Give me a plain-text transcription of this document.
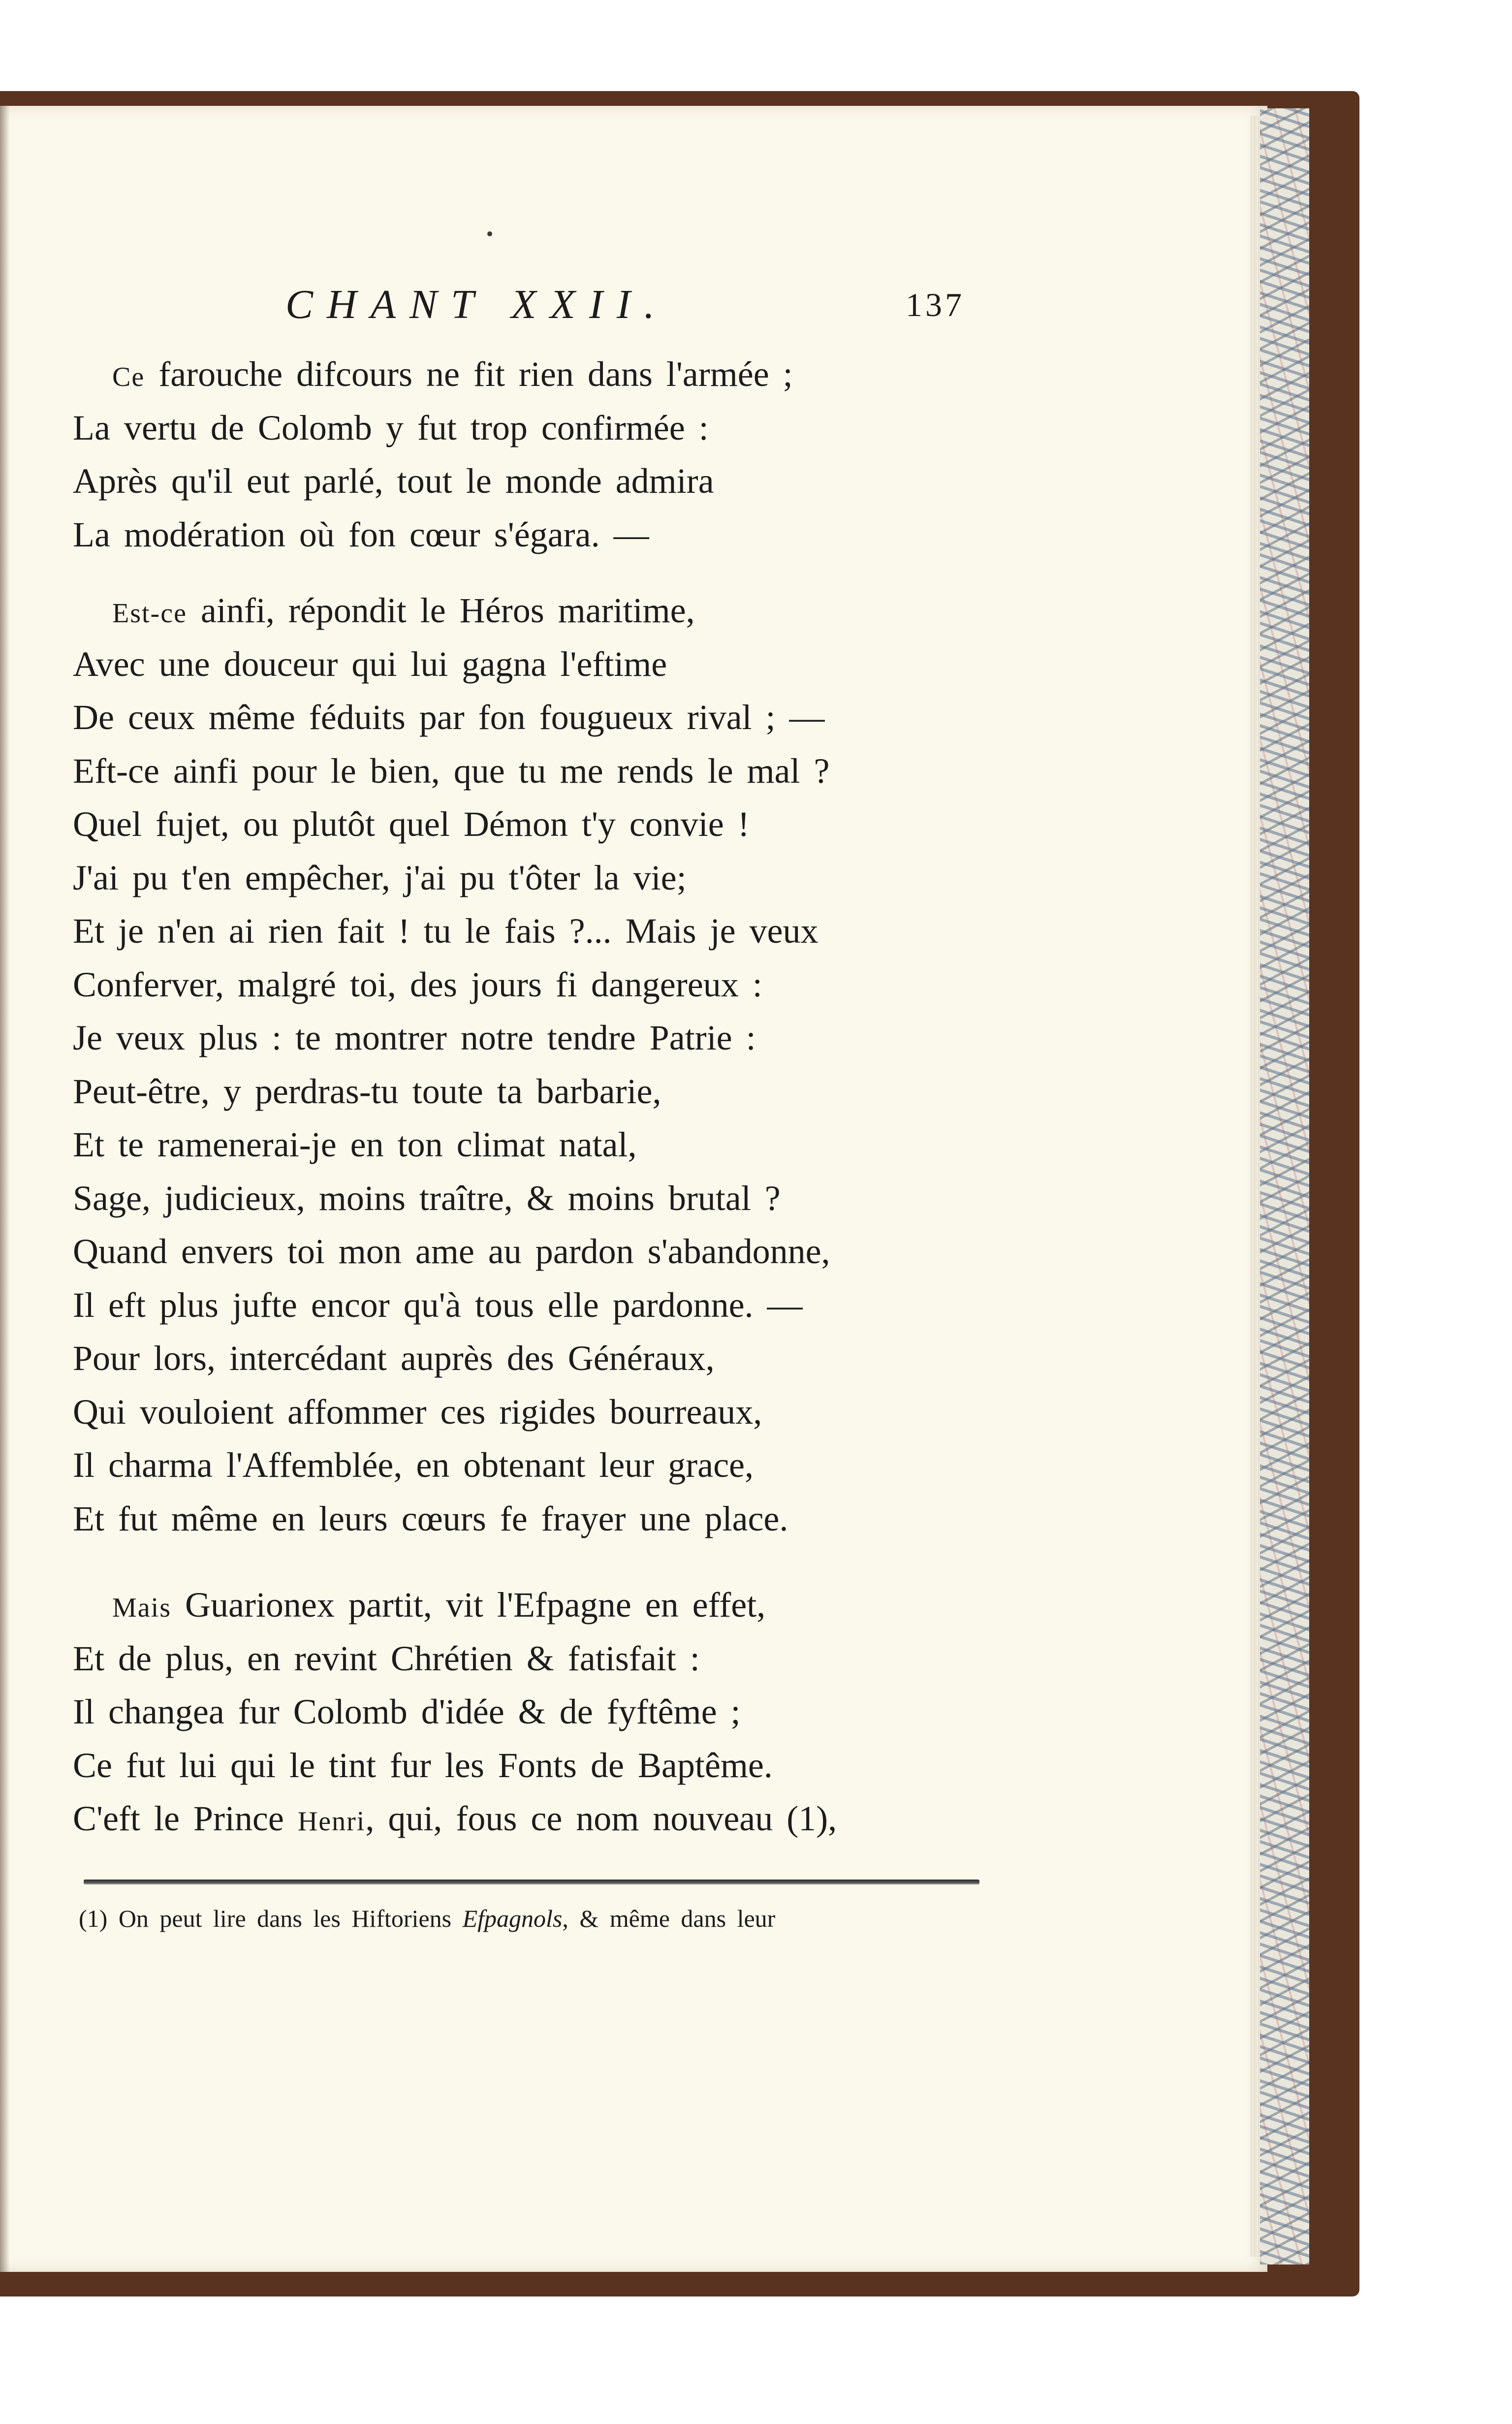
CHANT XXII.	137
Ce farouche difcours ne fit rien dans l'armée ;
La vertu de Colomb y fut trop confirmée :
Après qu'il eut parlé, tout le monde admira
La modération où fon cœur s'égara. —
Est-ce ainfi, répondit le Héros maritime,
Avec une douceur qui lui gagna l'eftime
De ceux même féduits par fon fougueux rival ; —
Eft-ce ainfi pour le bien, que tu me rends le mal ?
Quel fujet, ou plutôt quel Démon t'y convie !
J'ai pu t'en empêcher, j'ai pu t'ôter la vie;
Et je n'en ai rien fait ! tu le fais ?... Mais je veux
Conferver, malgré toi, des jours fi dangereux :
Je veux plus : te montrer notre tendre Patrie :
Peut-être, y perdras-tu toute ta barbarie,
Et te ramenerai-je en ton climat natal,
Sage, judicieux, moins traître, & moins brutal ?
Quand envers toi mon ame au pardon s'abandonne,
Il eft plus jufte encor qu'à tous elle pardonne. —
Pour lors, intercédant auprès des Généraux,
Qui vouloient affommer ces rigides bourreaux,
Il charma l'Affemblée, en obtenant leur grace,
Et fut même en leurs cœurs fe frayer une place.
Mais Guarionex partit, vit l'Efpagne en effet,
Et de plus, en revint Chrétien & fatisfait :
Il changea fur Colomb d'idée & de fyftême ;
Ce fut lui qui le tint fur les Fonts de Baptême.
C'eft le Prince Henri, qui, fous ce nom nouveau (1),
(1) On peut lire dans les Hiftoriens Efpagnols, & même dans leur
